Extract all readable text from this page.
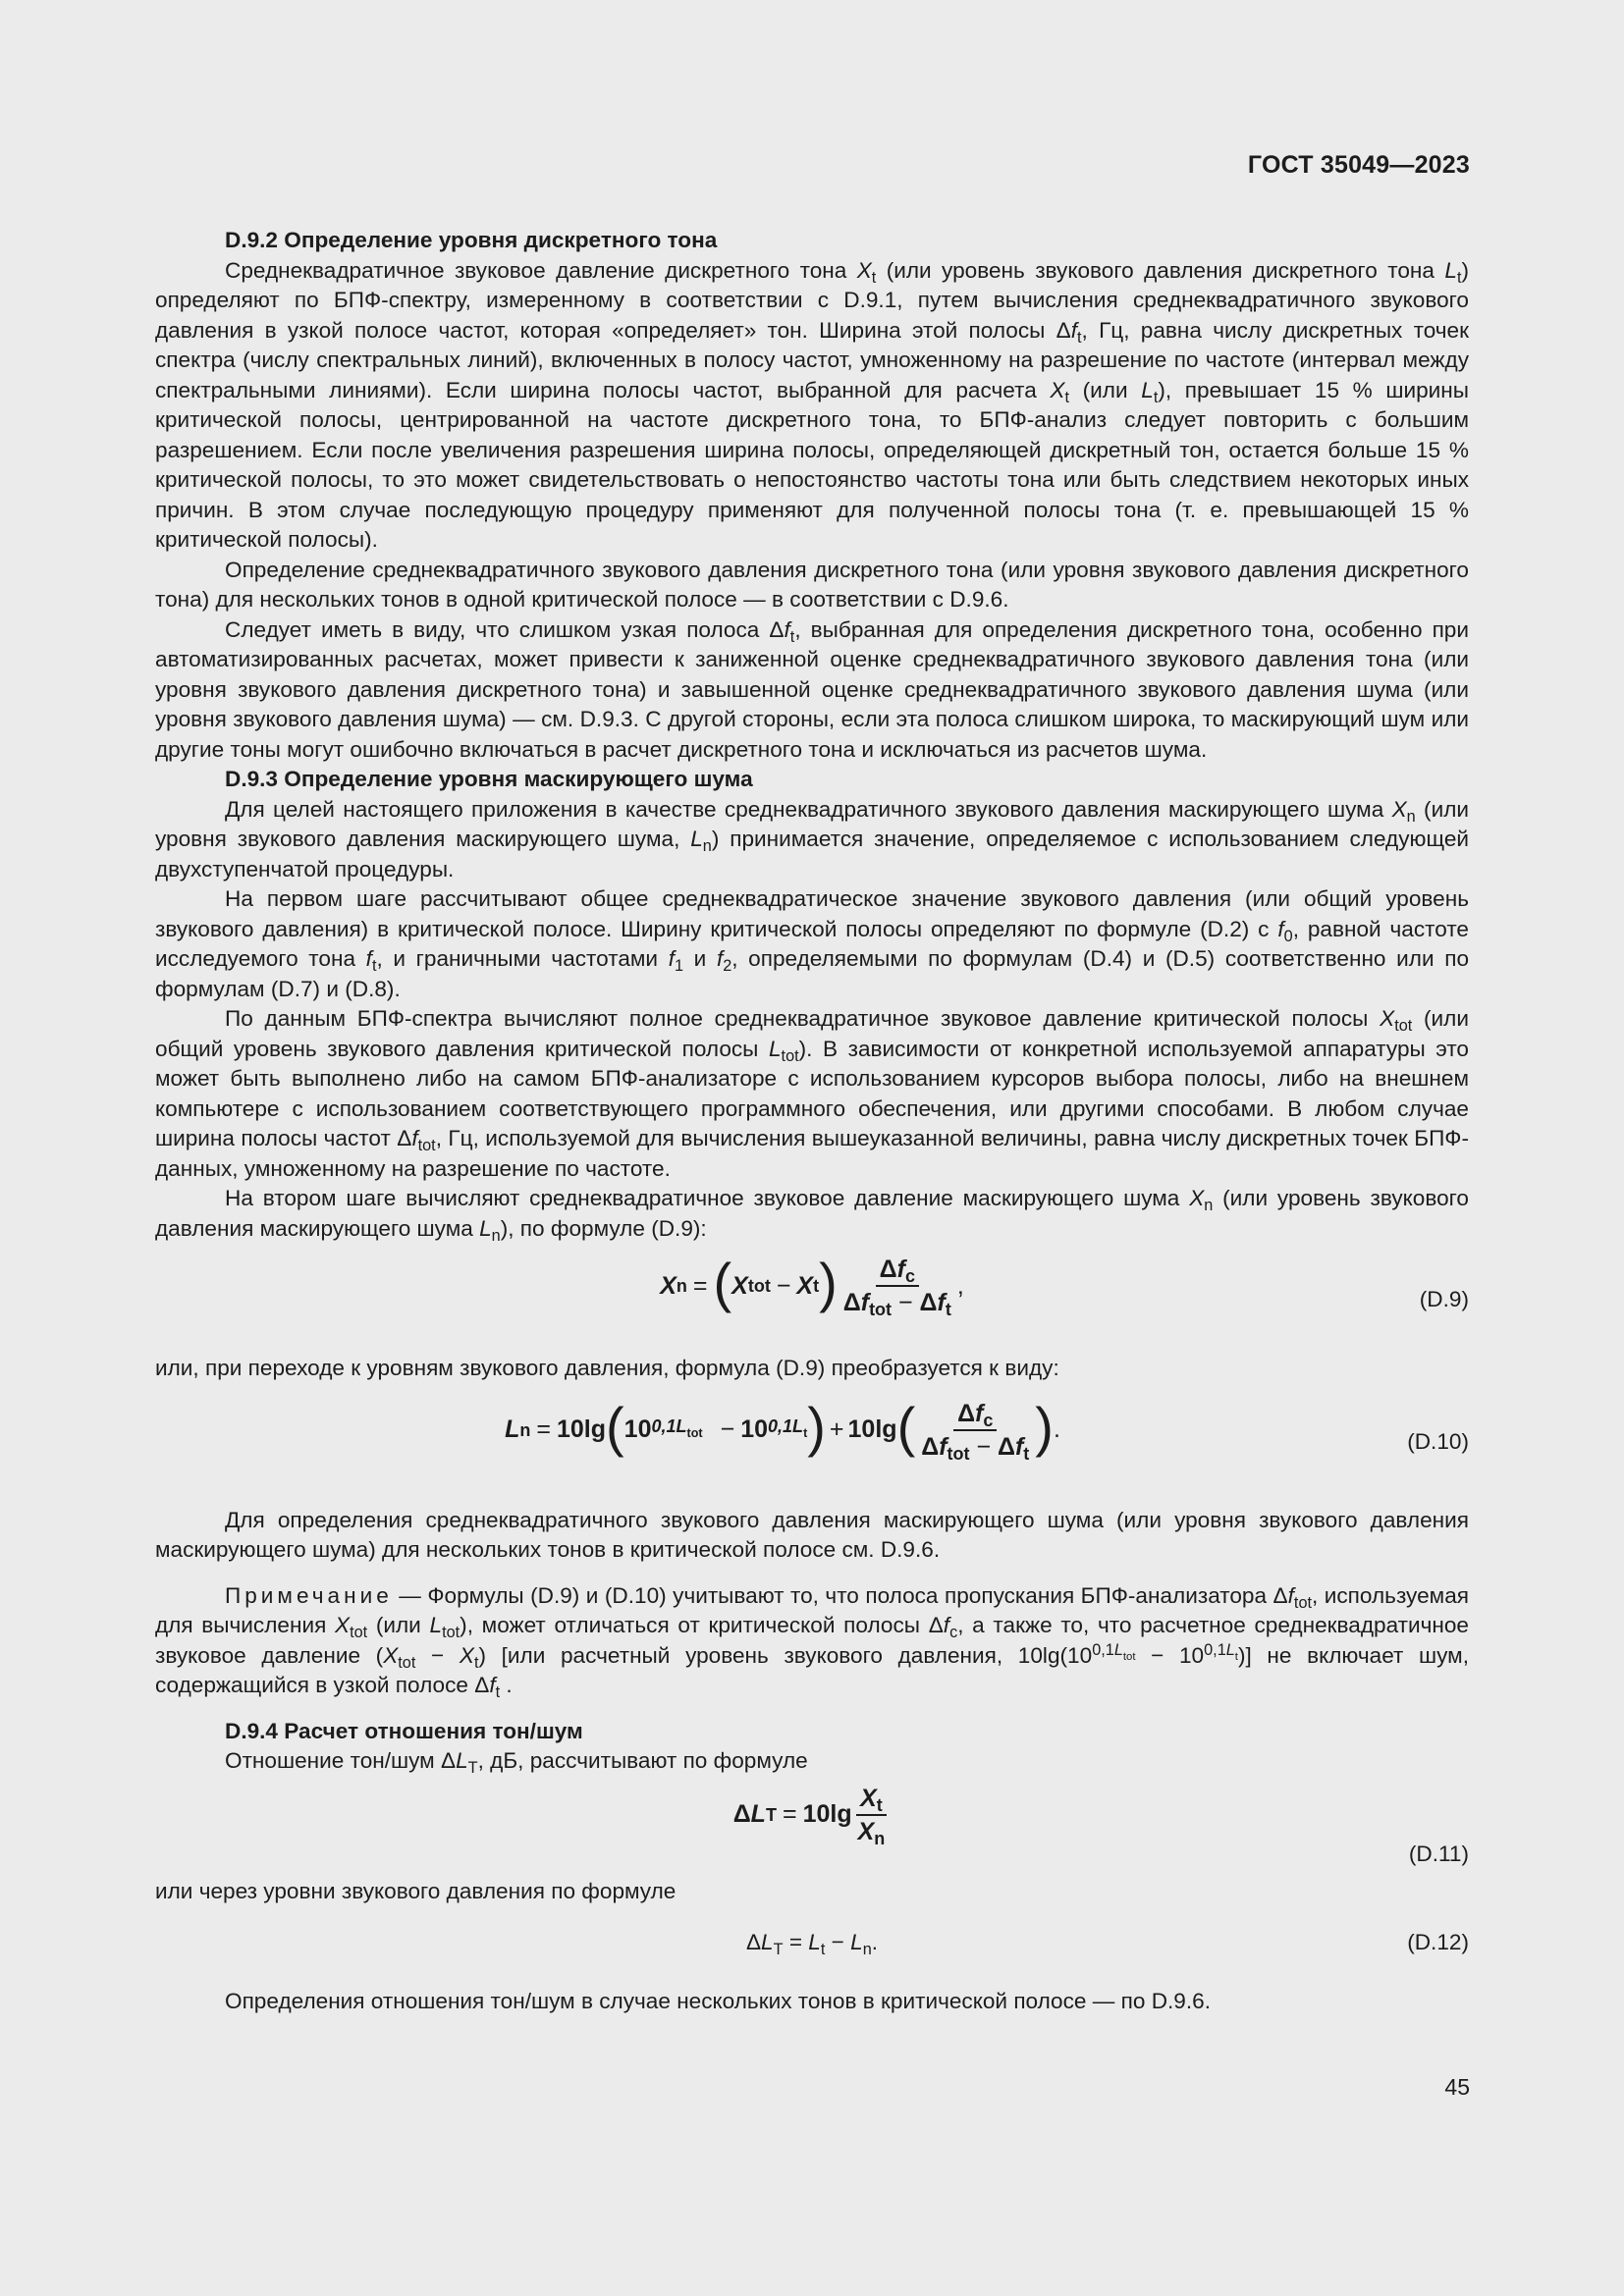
ГОСТ 35049—2023
D.9.2 Определение уровня дискретного тона

Среднеквадратичное звуковое давление дискретного тона $X_t$ (или уровень звукового давления дискретного тона $L_t$) определяют по БПФ-спектру, измеренному в соответствии с D.9.1, путем вычисления среднеквадратичного звукового давления в узкой полосе частот, которая «определяет» тон. Ширина этой полосы $\Delta f_t$, Гц, равна числу дискретных точек спектра (числу спектральных линий), включенных в полосу частот, умноженному на разрешение по частоте (интервал между спектральными линиями). Если ширина полосы частот, выбранной для расчета $X_t$ (или $L_t$), превышает 15 % ширины критической полосы, центрированной на частоте дискретного тона, то БПФ-анализ следует повторить с большим разрешением. Если после увеличения разрешения ширина полосы, определяющей дискретный тон, остается больше 15 % критической полосы, то это может свидетельствовать о непостоянство частоты тона или быть следствием некоторых иных причин. В этом случае последующую процедуру применяют для полученной полосы тона (т. е. превышающей 15 % критической полосы).

Определение среднеквадратичного звукового давления дискретного тона (или уровня звукового давления дискретного тона) для нескольких тонов в одной критической полосе — в соответствии с D.9.6.

Следует иметь в виду, что слишком узкая полоса $\Delta f_t$, выбранная для определения дискретного тона, особенно при автоматизированных расчетах, может привести к заниженной оценке среднеквадратичного звукового давления тона (или уровня звукового давления дискретного тона) и завышенной оценке среднеквадратичного звукового давления шума (или уровня звукового давления шума) — см. D.9.3. С другой стороны, если эта полоса слишком широка, то маскирующий шум или другие тоны могут ошибочно включаться в расчет дискретного тона и исключаться из расчетов шума.

D.9.3 Определение уровня маскирующего шума

Для целей настоящего приложения в качестве среднеквадратичного звукового давления маскирующего шума $X_n$ (или уровня звукового давления маскирующего шума, $L_n$) принимается значение, определяемое с использованием следующей двухступенчатой процедуры.

На первом шаге рассчитывают общее среднеквадратическое значение звукового давления (или общий уровень звукового давления) в критической полосе. Ширину критической полосы определяют по формуле (D.2) с $f_0$, равной частоте исследуемого тона $f_t$, и граничными частотами $f_1$ и $f_2$, определяемыми по формулам (D.4) и (D.5) соответственно или по формулам (D.7) и (D.8).

По данным БПФ-спектра вычисляют полное среднеквадратичное звуковое давление критической полосы $X_{tot}$ (или общий уровень звукового давления критической полосы $L_{tot}$). В зависимости от конкретной используемой аппаратуры это может быть выполнено либо на самом БПФ-анализаторе с использованием курсоров выбора полосы, либо на внешнем компьютере с использованием соответствующего программного обеспечения, или другими способами. В любом случае ширина полосы частот $\Delta f_{tot}$, Гц, используемой для вычисления вышеуказанной величины, равна числу дискретных точек БПФ-данных, умноженному на разрешение по частоте.

На втором шаге вычисляют среднеквадратичное звуковое давление маскирующего шума $X_n$ (или уровень звукового давления маскирующего шума $L_n$), по формуле (D.9):

X n = ( X tot − X t ) $\frac{\Delta f_c}{\Delta f_{tot} - \Delta f_t}$ ,	(D.9)

или, при переходе к уровням звукового давления, формула (D.9) преобразуется к виду:

L n = 10lg ( 10 $0,1L_{tot} - 10$ $0,1L_t$ ) + 10lg ( $\frac{\Delta f_c}{\Delta f_{tot} - \Delta f_t}$ ) .	(D.10)

Для определения среднеквадратичного звукового давления маскирующего шума (или уровня звукового давления маскирующего шума) для нескольких тонов в критической полосе см. D.9.6.

Примечание — Формулы (D.9) и (D.10) учитывают то, что полоса пропускания БПФ-анализатора $\Delta f_{tot}$, используемая для вычисления $X_{tot}$ (или $L_{tot}$), может отличаться от критической полосы $\Delta f_c$, а также то, что расчетное среднеквадратичное звуковое давление $(X_{tot} - X_t)$ [или расчетный уровень звукового давления, $10\lg(10^{0,1L_{tot}} - 10^{0,1L_t})$] не включает шум, содержащийся в узкой полосе $\Delta f_t$ .

D.9.4 Расчет отношения тон/шум

Отношение тон/шум $\Delta L_T$, дБ, рассчитывают по формуле

Δ L $T = 10\lg \frac{X_t}{X_n}$
(D.11)

или через уровни звукового давления по формуле

$\Delta L_T = L_t - L_n$.	(D.12)

Определения отношения тон/шум в случае нескольких тонов в критической полосе — по D.9.6.

45
